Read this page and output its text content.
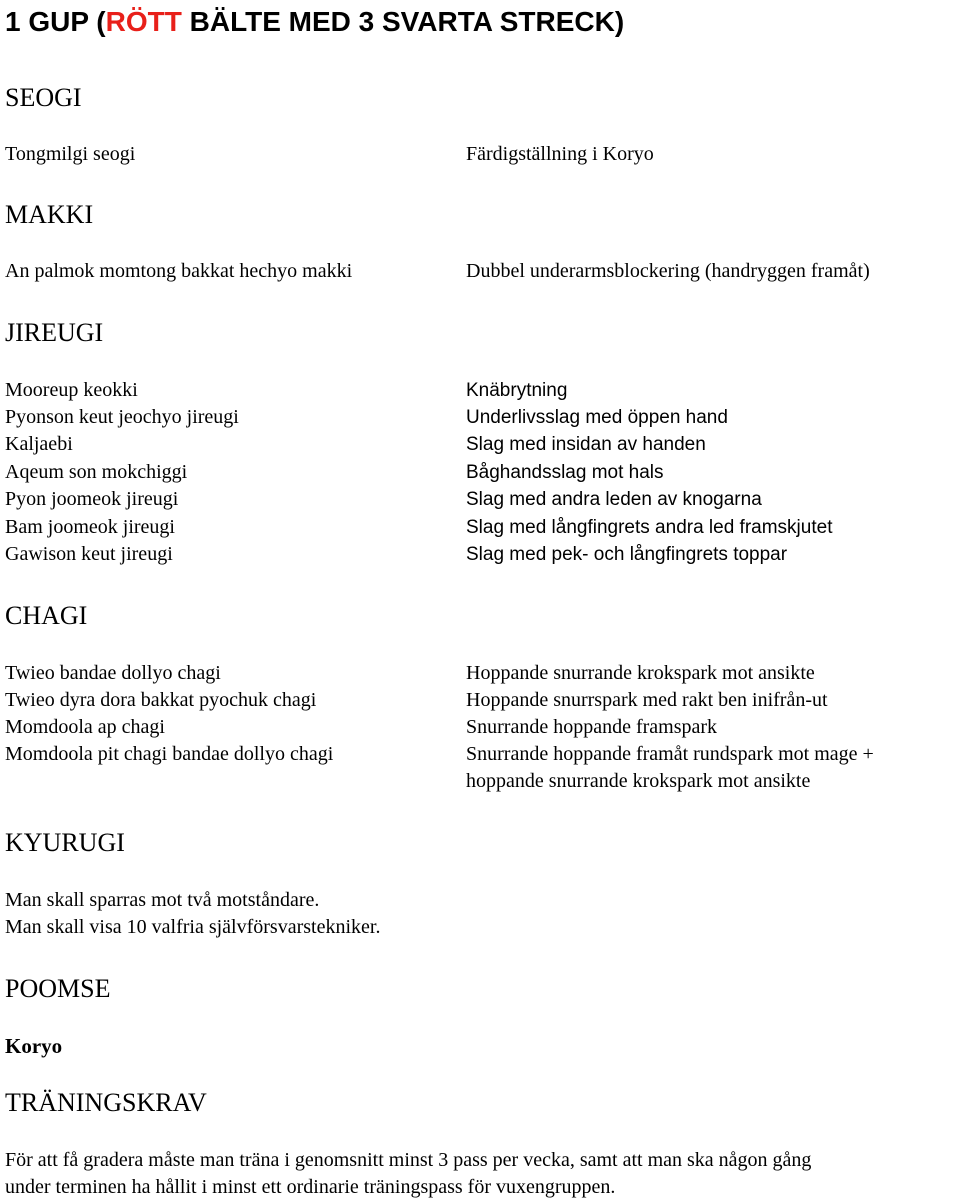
1 GUP (RÖTT BÄLTE MED 3 SVARTA STRECK)
SEOGI
Tongmilgi seogi	Färdigställning i Koryo
MAKKI
An palmok momtong bakkat hechyo makki	Dubbel underarmsblockering (handryggen framåt)
JIREUGI
Mooreup keokki	Knäbrytning
Pyonson keut jeochyo jireugi	Underlivsslag med öppen hand
Kaljaebi	Slag med insidan av handen
Aqeum son mokchiggi	Båghandsslag mot hals
Pyon joomeok jireugi	Slag med andra leden av knogarna
Bam joomeok jireugi	Slag med långfingrets andra led framskjutet
Gawison keut jireugi	Slag med pek- och långfingrets toppar
CHAGI
Twieo bandae dollyo chagi	Hoppande snurrande krokspark mot ansikte
Twieo dyra dora bakkat pyochuk chagi	Hoppande snurrspark med rakt ben inifrån-ut
Momdoola ap chagi	Snurrande hoppande framspark
Momdoola pit chagi bandae dollyo chagi	Snurrande hoppande framåt rundspark mot mage +
hoppande snurrande krokspark mot ansikte
KYURUGI
Man skall sparras mot två motståndare.
Man skall visa 10 valfria självförsvarstekniker.
POOMSE
Koryo
TRÄNINGSKRAV
För att få gradera måste man träna i genomsnitt minst 3 pass per vecka, samt att man ska någon gång
under terminen ha hållit i minst ett ordinarie träningspass för vuxengruppen.
